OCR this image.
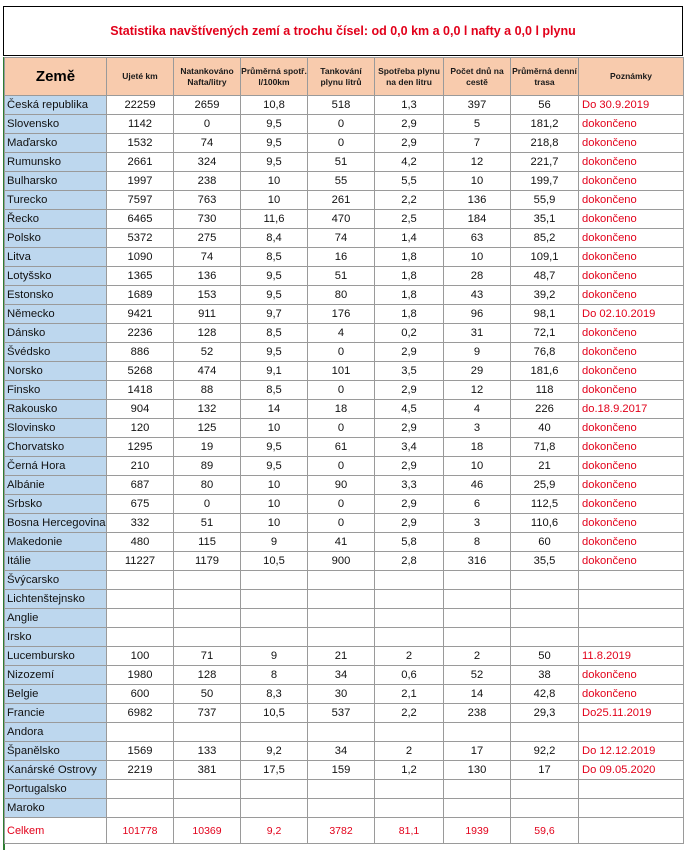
Statistika navštívených zemí a trochu čísel: od 0,0 km a 0,0 l nafty a 0,0 l plynu
Země	Ujeté km	Natankováno Nafta/litry	Průměrná spotř. l/100km	Tankování plynu litrů	Spotřeba plynu na den litru	Počet dnů na cestě	Průměrná denní trasa	Poznámky
Česká republika	22259	2659	10,8	518	1,3	397	56	Do 30.9.2019
Slovensko	1142	0	9,5	0	2,9	5	181,2	dokončeno
Maďarsko	1532	74	9,5	0	2,9	7	218,8	dokončeno
Rumunsko	2661	324	9,5	51	4,2	12	221,7	dokončeno
Bulharsko	1997	238	10	55	5,5	10	199,7	dokončeno
Turecko	7597	763	10	261	2,2	136	55,9	dokončeno
Řecko	6465	730	11,6	470	2,5	184	35,1	dokončeno
Polsko	5372	275	8,4	74	1,4	63	85,2	dokončeno
Litva	1090	74	8,5	16	1,8	10	109,1	dokončeno
Lotyšsko	1365	136	9,5	51	1,8	28	48,7	dokončeno
Estonsko	1689	153	9,5	80	1,8	43	39,2	dokončeno
Německo	9421	911	9,7	176	1,8	96	98,1	Do 02.10.2019
Dánsko	2236	128	8,5	4	0,2	31	72,1	dokončeno
Švédsko	886	52	9,5	0	2,9	9	76,8	dokončeno
Norsko	5268	474	9,1	101	3,5	29	181,6	dokončeno
Finsko	1418	88	8,5	0	2,9	12	118	dokončeno
Rakousko	904	132	14	18	4,5	4	226	do.18.9.2017
Slovinsko	120	125	10	0	2,9	3	40	dokončeno
Chorvatsko	1295	19	9,5	61	3,4	18	71,8	dokončeno
Černá Hora	210	89	9,5	0	2,9	10	21	dokončeno
Albánie	687	80	10	90	3,3	46	25,9	dokončeno
Srbsko	675	0	10	0	2,9	6	112,5	dokončeno
Bosna Hercegovina	332	51	10	0	2,9	3	110,6	dokončeno
Makedonie	480	115	9	41	5,8	8	60	dokončeno
Itálie	11227	1179	10,5	900	2,8	316	35,5	dokončeno
Švýcarsko								
Lichtenštejnsko								
Anglie								
Irsko								
Lucembursko	100	71	9	21	2	2	50	11.8.2019
Nizozemí	1980	128	8	34	0,6	52	38	dokončeno
Belgie	600	50	8,3	30	2,1	14	42,8	dokončeno
Francie	6982	737	10,5	537	2,2	238	29,3	Do25.11.2019
Andora								
Španělsko	1569	133	9,2	34	2	17	92,2	Do 12.12.2019
Kanárské Ostrovy	2219	381	17,5	159	1,2	130	17	Do 09.05.2020
Portugalsko								
Maroko								
Celkem	101778	10369	9,2	3782	81,1	1939	59,6	
